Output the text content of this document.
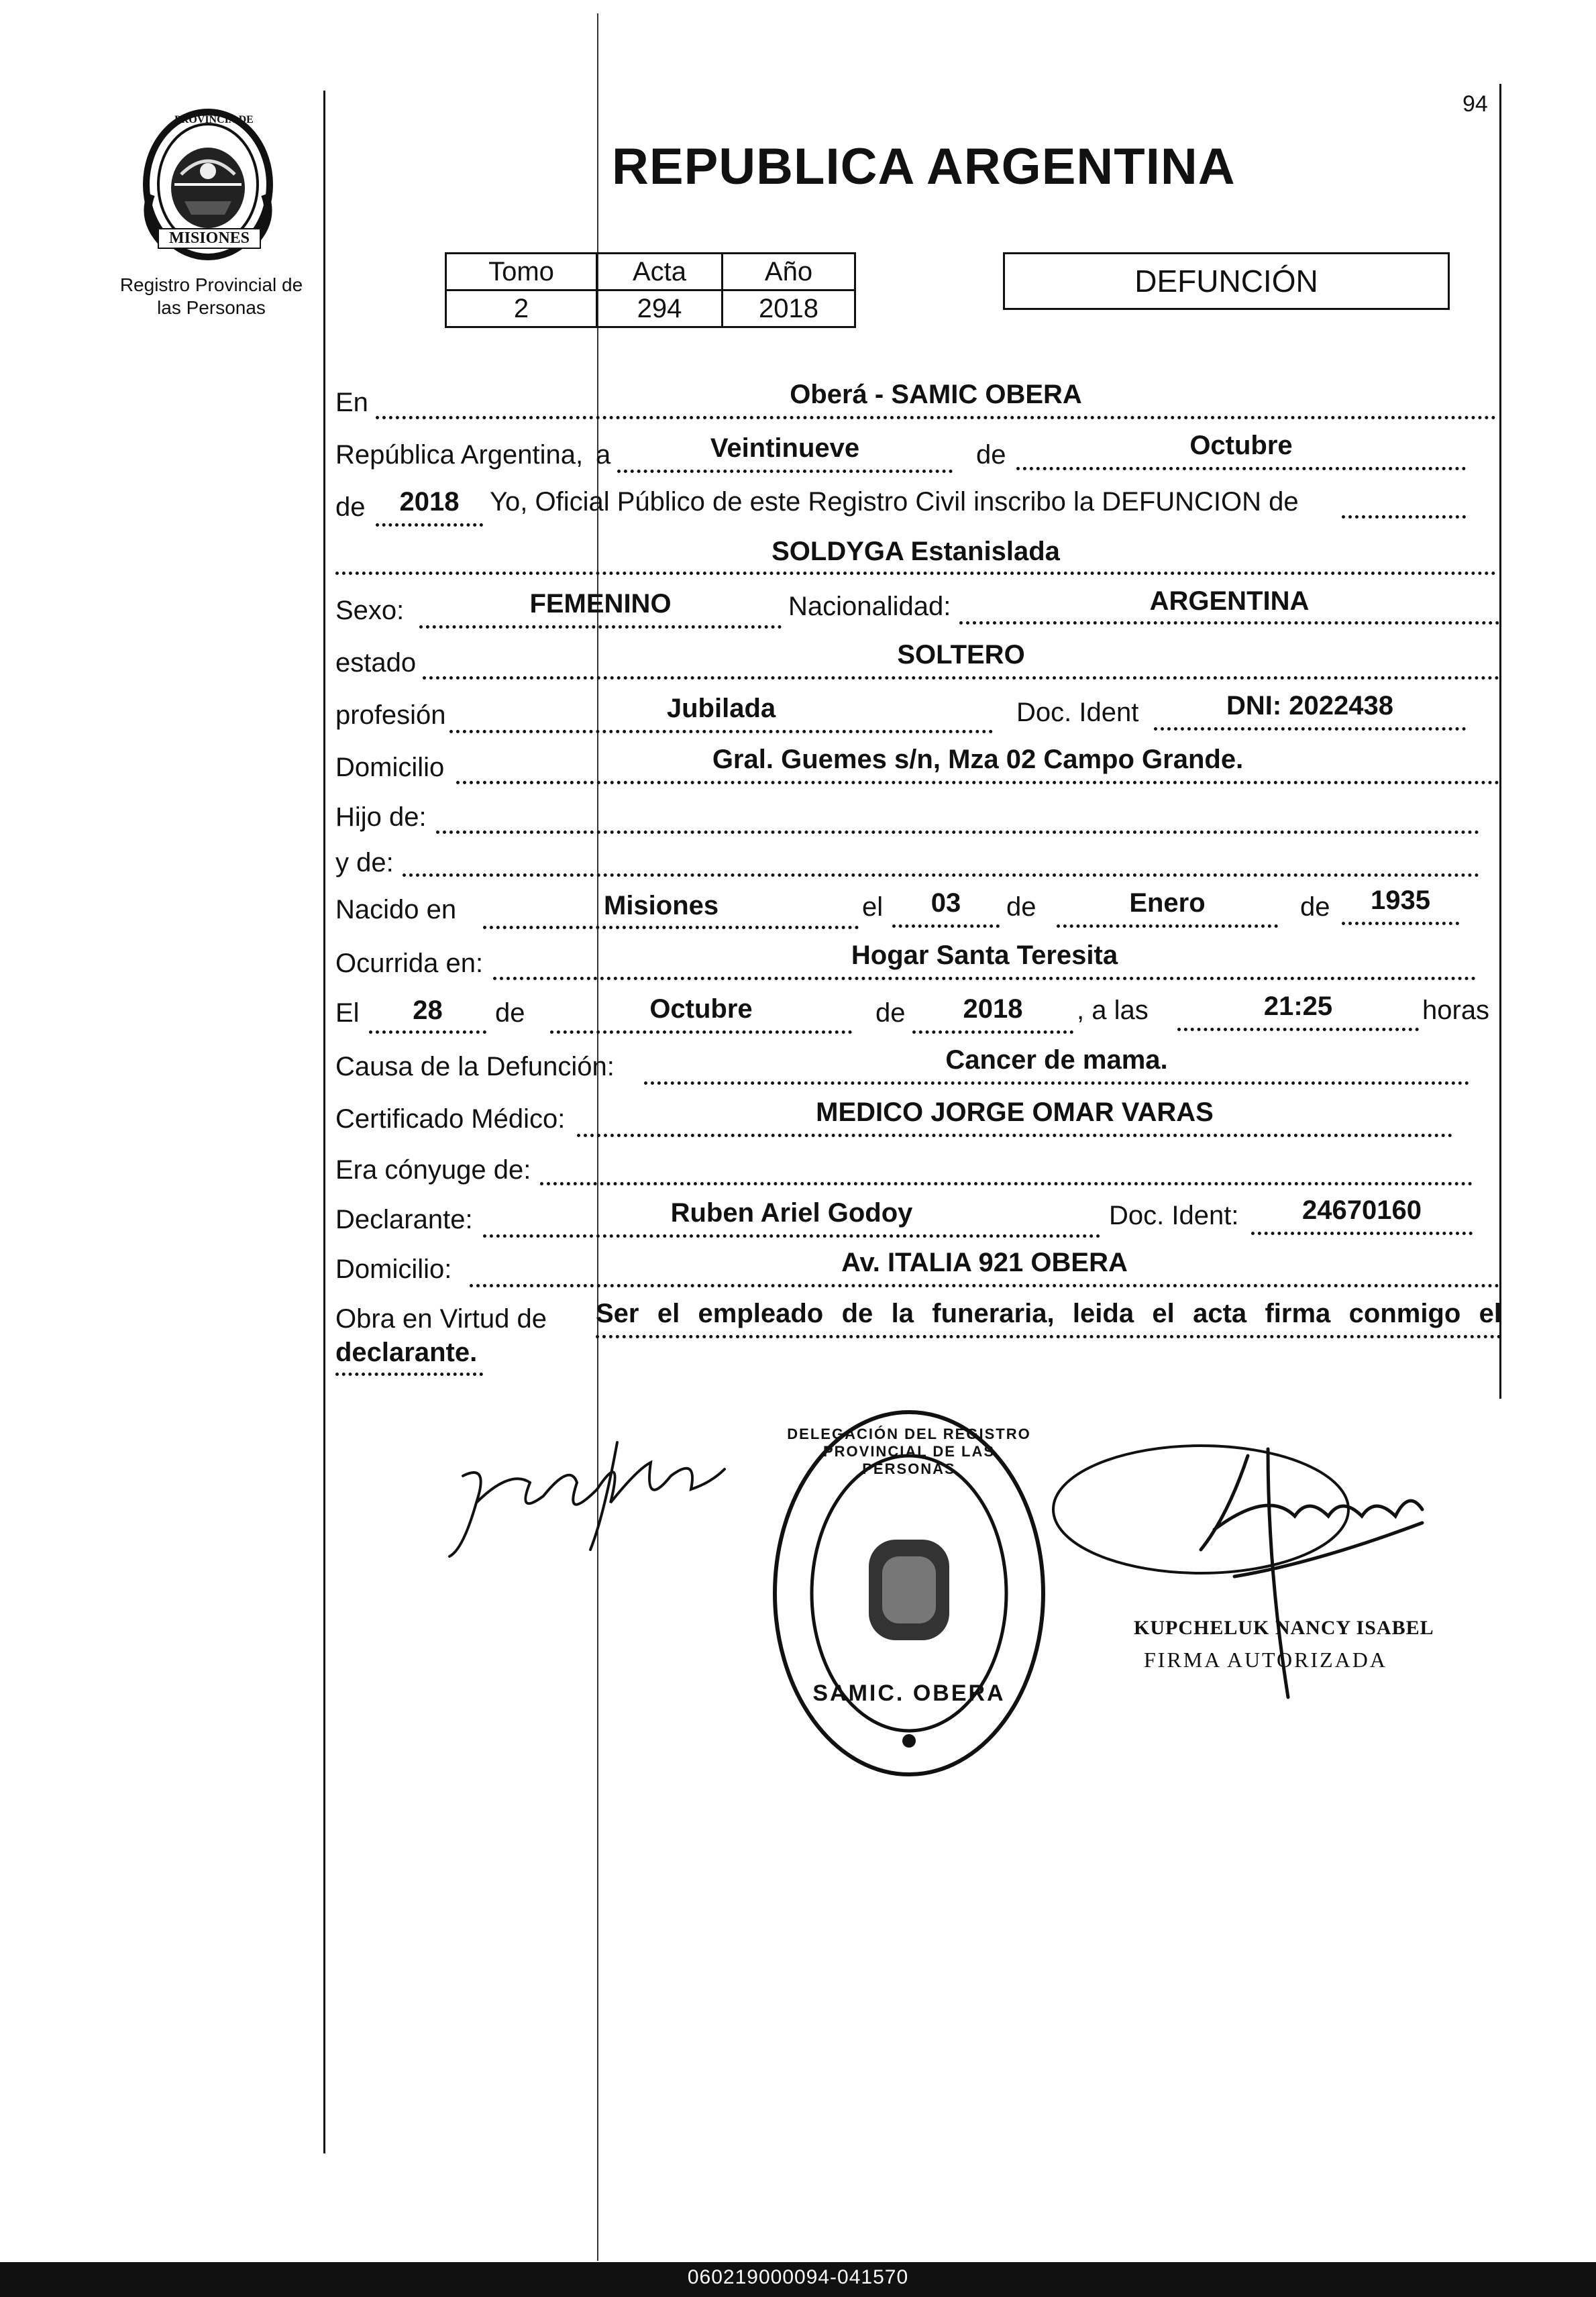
PROVINCIA DE
MISIONES
Registro Provincial de
las Personas
94
REPUBLICA ARGENTINA
Tomo	Acta	Año
2	294	2018
DEFUNCIÓN
En	Oberá - SAMIC OBERA
República Argentina, a	Veintinueve	de	Octubre
de	2018	Yo, Oficial Público de este Registro Civil inscribo la DEFUNCION de
SOLDYGA Estanislada
Sexo:	FEMENINO	Nacionalidad:	ARGENTINA
estado	SOLTERO
profesión	Jubilada	Doc. Ident	DNI: 2022438
Domicilio	Gral. Guemes s/n, Mza 02 Campo Grande.
Hijo de:
y de:
Nacido en	Misiones	el	03	de	Enero	de	1935
Ocurrida en:	Hogar Santa Teresita
El	28	de	Octubre	de	2018	, a las	21:25	horas
Causa de la Defunción:	Cancer de mama.
Certificado Médico:	MEDICO JORGE OMAR VARAS
Era cónyuge de:
Declarante:	Ruben Ariel Godoy	Doc. Ident:	24670160
Domicilio:	Av. ITALIA 921 OBERA
Obra en Virtud de Ser el empleado de la funeraria, leida el acta firma conmigo el
declarante.
DELEGACIÓN DEL REGISTRO PROVINCIAL DE LAS PERSONAS
SAMIC. OBERA
KUPCHELUK NANCY ISABEL
FIRMA AUTORIZADA
060219000094-041570
